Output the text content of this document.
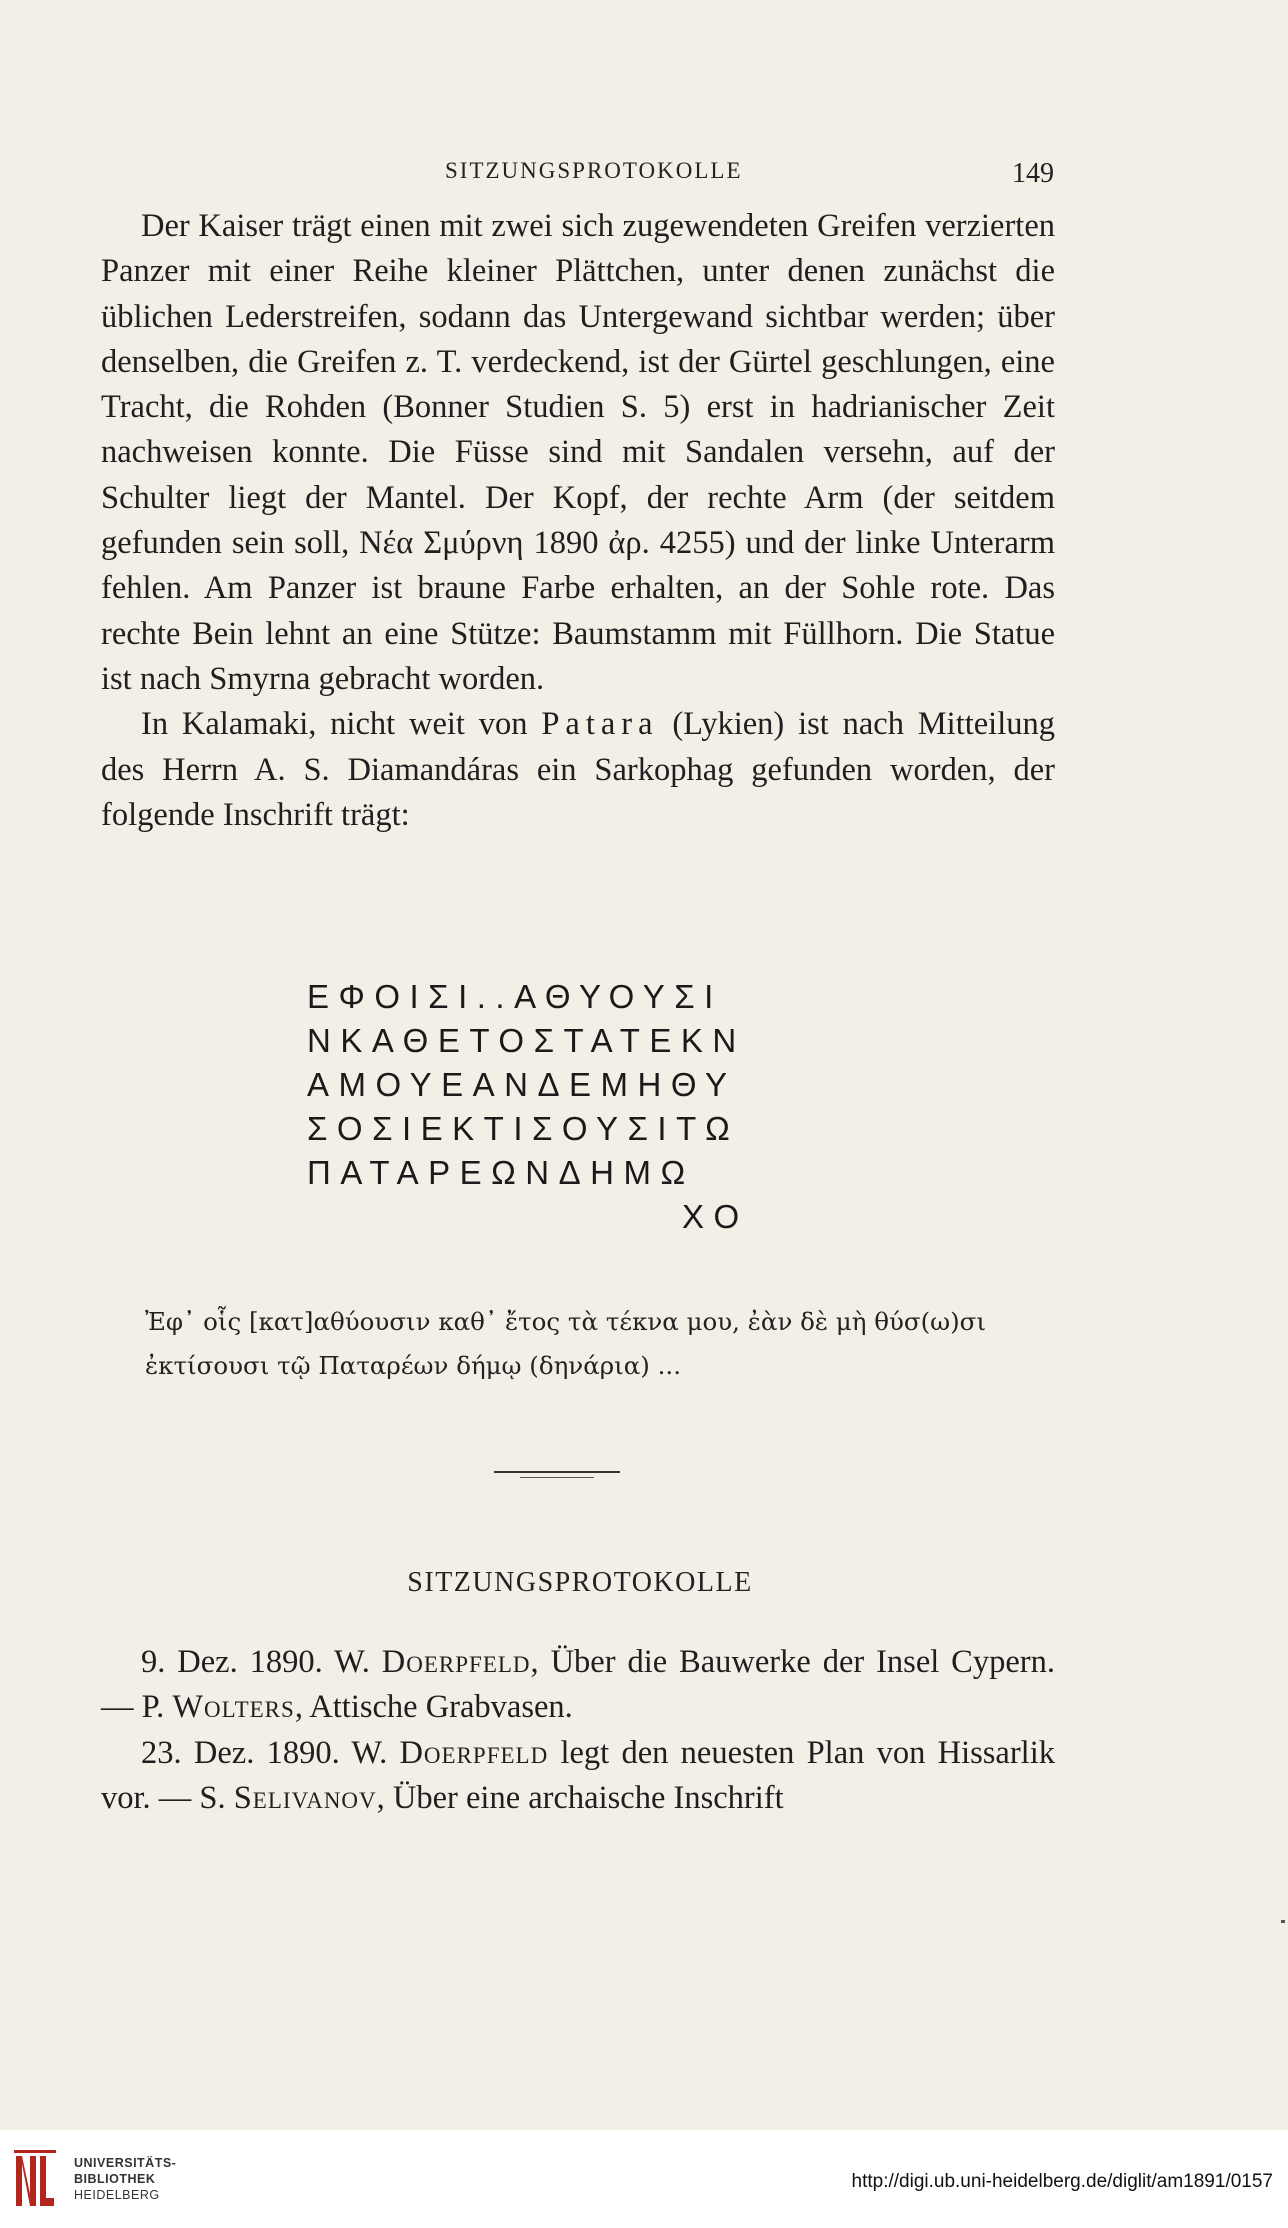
SITZUNGSPROTOKOLLE	149

Der Kaiser trägt einen mit zwei sich zugewendeten Greifen verzierten Panzer mit einer Reihe kleiner Plättchen, unter denen zunächst die üblichen Lederstreifen, sodann das Untergewand sichtbar werden; über denselben, die Greifen z. T. verdeckend, ist der Gürtel geschlungen, eine Tracht, die Rohden (Bonner Studien S. 5) erst in hadrianischer Zeit nachweisen konnte. Die Füsse sind mit Sandalen versehn, auf der Schulter liegt der Mantel. Der Kopf, der rechte Arm (der seitdem gefunden sein soll, Νέα Σμύρνη 1890 ἀρ. 4255) und der linke Unterarm fehlen. Am Panzer ist braune Farbe erhalten, an der Sohle rote. Das rechte Bein lehnt an eine Stütze: Baumstamm mit Füllhorn. Die Statue ist nach Smyrna gebracht worden.

In Kalamaki, nicht weit von Patara (Lykien) ist nach Mitteilung des Herrn A. S. Diamandáras ein Sarkophag gefunden worden, der folgende Inschrift trägt:

ΕΦΟΙΣΙ..ΑΘΥΟΥΣΙ
ΝΚΑΘΕΤΟΣΤΑΤΕΚΝ
ΑΜΟΥΕΑΝΔΕΜΗΘΥ
ΣΟΣΙΕΚΤΙΣΟΥΣΙΤΩ
ΠΑΤΑΡΕΩΝΔΗΜΩ
ΧΟ
Ἐφ᾽ οἷς [κατ]αθύουσιν καθ᾽ ἔτος τὰ τέκνα μου, ἐὰν δὲ μὴ θύσ(ω)σι
ἐκτίσουσι τῷ Παταρέων δήμῳ (δηνάρια) ...
SITZUNGSPROTOKOLLE

9. Dez. 1890. W. Doerpfeld, Über die Bauwerke der Insel Cypern. — P. Wolters, Attische Grabvasen.

23. Dez. 1890. W. Doerpfeld legt den neuesten Plan von Hissarlik vor. — S. Selivanov, Über eine archaische Inschrift

UNIVERSITÄTS-
BIBLIOTHEK
HEIDELBERG
http://digi.ub.uni-heidelberg.de/diglit/am1891/0157
